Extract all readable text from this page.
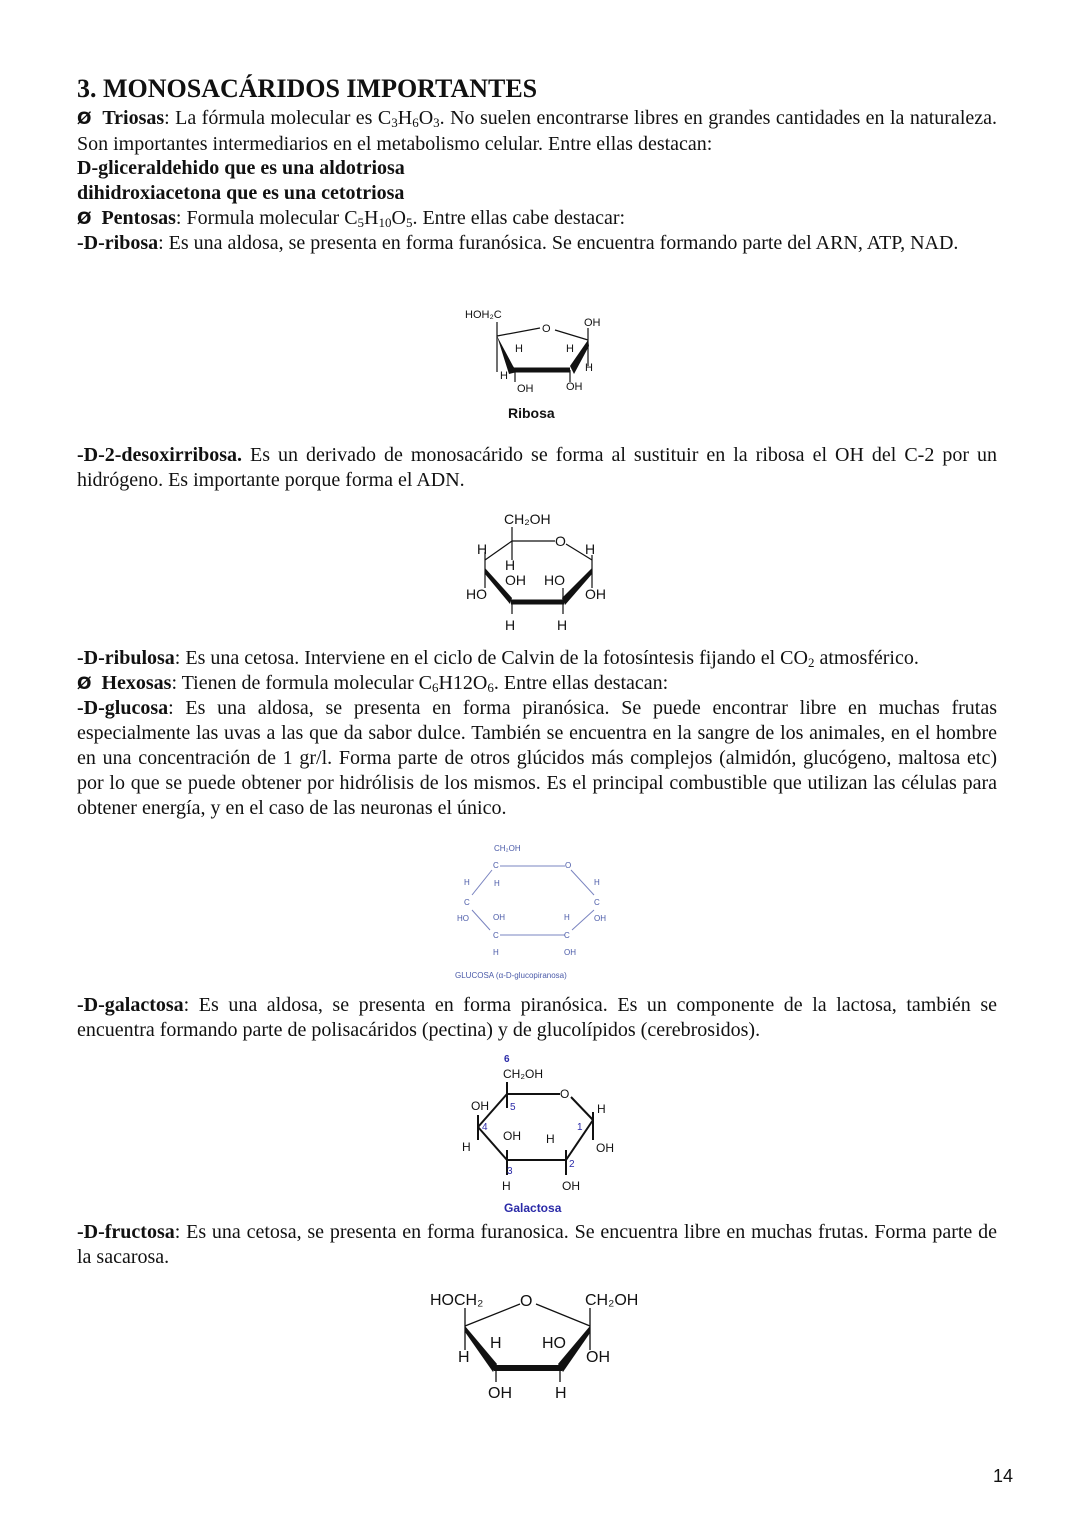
3. MONOSACÁRIDOS IMPORTANTES
Ø Triosas: La fórmula molecular es $C_3H_6O_3$. No suelen encontrarse libres en grandes cantidades en la naturaleza. Son importantes intermediarios en el metabolismo celular. Entre ellas destacan:
D-gliceraldehido que es una aldotriosa
dihidroxiacetona que es una cetotriosa
Ø Pentosas: Formula molecular $C_5H_{10}O_5$. Entre ellas cabe destacar:
-D-ribosa: Es una aldosa, se presenta en forma furanósica. Se encuentra formando parte del ARN, ATP, NAD.
-D-2-desoxirribosa. Es un derivado de monosacárido se forma al sustituir en la ribosa el OH del C-2 por un hidrógeno. Es importante porque forma el ADN.
-D-ribulosa: Es una cetosa. Interviene en el ciclo de Calvin de la fotosíntesis fijando el $CO_2$ atmosférico.
Ø Hexosas: Tienen de formula molecular $C_6H12O_6$. Entre ellas destacan:
-D-glucosa: Es una aldosa, se presenta en forma piranósica. Se puede encontrar libre en muchas frutas especialmente las uvas a las que da sabor dulce. También se encuentra en la sangre de los animales, en el hombre en una concentración de 1 gr/l. Forma parte de otros glúcidos más complejos (almidón, glucógeno, maltosa etc) por lo que se puede obtener por hidrólisis de los mismos. Es el principal combustible que utilizan las células para obtener energía, y en el caso de las neuronas el único.
-D-galactosa: Es una aldosa, se presenta en forma piranósica. Es un componente de la lactosa, también se encuentra formando parte de polisacáridos (pectina) y de glucolípidos (cerebrosidos).
-D-fructosa: Es una cetosa, se presenta en forma furanosica. Se encuentra libre en muchas frutas. Forma parte de la sacarosa.
HOH₂C
O	OH
H	H
H
H
OH	OH
Ribosa
CH₂OH
O
H	H
H
OH HO
HO	OH
H	H
CH₂OH
C
H
O
H
C
HO
H
C
OH
OH
C
H
H
C
OH
GLUCOSA (α-D-glucopiranosa)
6
CH₂OH
O
OH 5	H
4	1
OH H
H	OH
2
3
H	OH
Galactosa
HOCH₂ O	CH₂OH
H	HO
H	OH
OH	H
14
